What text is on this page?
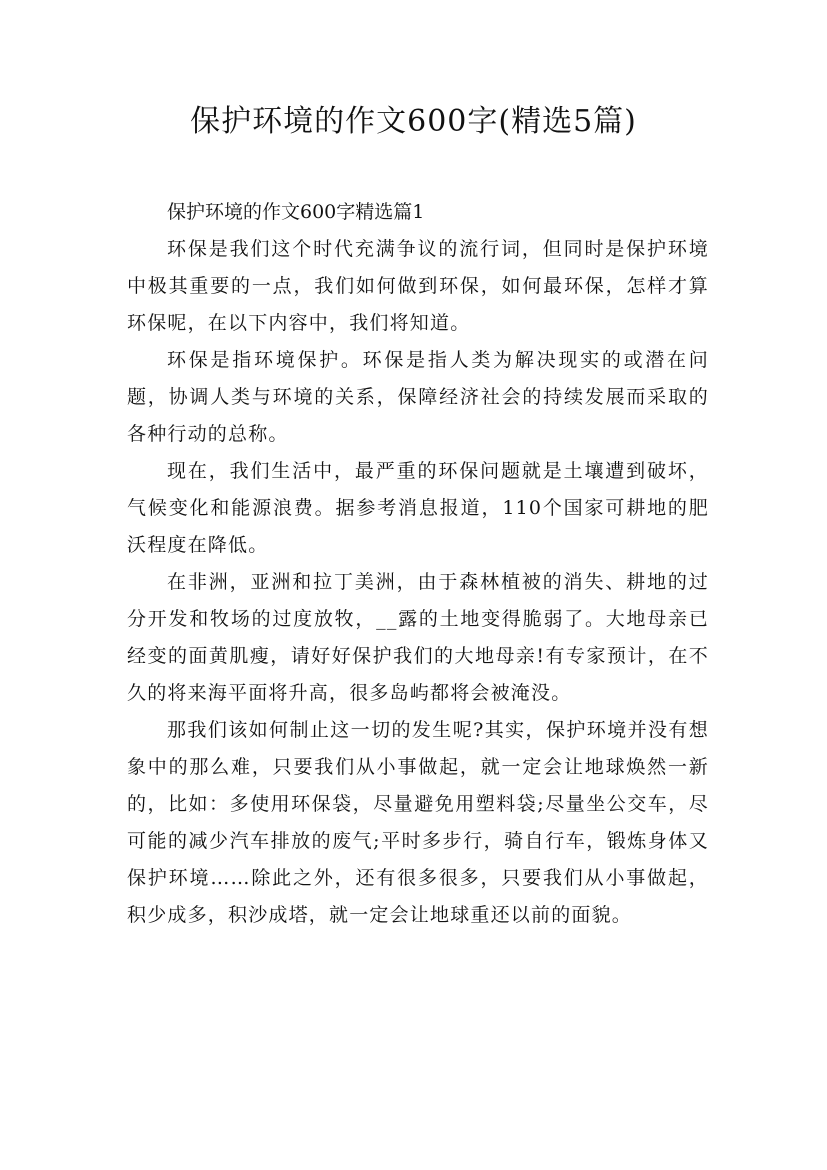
保护环境的作文600字(精选5篇)
保护环境的作文600字精选篇1

环保是我们这个时代充满争议的流行词，但同时是保护环境中极其重要的一点，我们如何做到环保，如何最环保，怎样才算环保呢，在以下内容中，我们将知道。

环保是指环境保护。环保是指人类为解决现实的或潜在问题，协调人类与环境的关系，保障经济社会的持续发展而采取的各种行动的总称。

现在，我们生活中，最严重的环保问题就是土壤遭到破坏，气候变化和能源浪费。据参考消息报道，110个国家可耕地的肥沃程度在降低。

在非洲，亚洲和拉丁美洲，由于森林植被的消失、耕地的过分开发和牧场的过度放牧，__露的土地变得脆弱了。大地母亲已经变的面黄肌瘦，请好好保护我们的大地母亲!有专家预计，在不久的将来海平面将升高，很多岛屿都将会被淹没。

那我们该如何制止这一切的发生呢?其实，保护环境并没有想象中的那么难，只要我们从小事做起，就一定会让地球焕然一新的，比如：多使用环保袋，尽量避免用塑料袋;尽量坐公交车，尽可能的减少汽车排放的废气;平时多步行，骑自行车，锻炼身体又保护环境……除此之外，还有很多很多，只要我们从小事做起，积少成多，积沙成塔，就一定会让地球重还以前的面貌。
